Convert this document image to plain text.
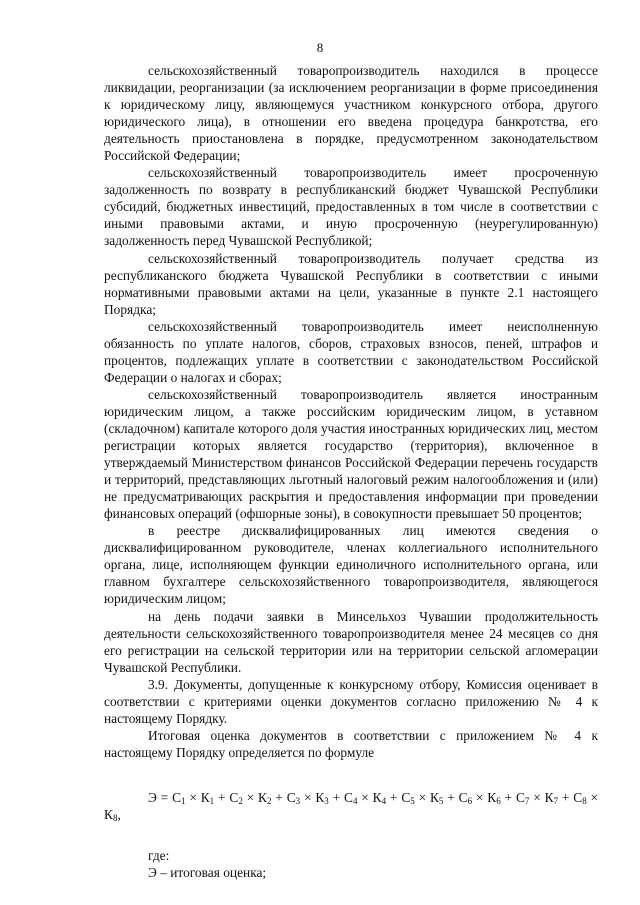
8

сельскохозяйственный товаропроизводитель находился в процессе ликвидации, реорганизации (за исключением реорганизации в форме присоединения к юридическому лицу, являющемуся участником конкурсного отбора, другого юридического лица), в отношении его введена процедура банкротства, его деятельность приостановлена в порядке, предусмотренном законодательством Российской Федерации;

сельскохозяйственный товаропроизводитель имеет просроченную задолженность по возврату в республиканский бюджет Чувашской Республики субсидий, бюджетных инвестиций, предоставленных в том числе в соответствии с иными правовыми актами, и иную просроченную (неурегулированную) задолженность перед Чувашской Республикой;

сельскохозяйственный товаропроизводитель получает средства из республиканского бюджета Чувашской Республики в соответствии с иными нормативными правовыми актами на цели, указанные в пункте 2.1 настоящего Порядка;

сельскохозяйственный товаропроизводитель имеет неисполненную обязанность по уплате налогов, сборов, страховых взносов, пеней, штрафов и процентов, подлежащих уплате в соответствии с законодательством Российской Федерации о налогах и сборах;

сельскохозяйственный товаропроизводитель является иностранным юридическим лицом, а также российским юридическим лицом, в уставном (складочном) капитале которого доля участия иностранных юридических лиц, местом регистрации которых является государство (территория), включенное в утверждаемый Министерством финансов Российской Федерации перечень государств и территорий, представляющих льготный налоговый режим налогообложения и (или) не предусматривающих раскрытия и предоставления информации при проведении финансовых операций (офшорные зоны), в совокупности превышает 50 процентов;

в реестре дисквалифицированных лиц имеются сведения о дисквалифицированном руководителе, членах коллегиального исполнительного органа, лице, исполняющем функции единоличного исполнительного органа, или главном бухгалтере сельскохозяйственного товаропроизводителя, являющегося юридическим лицом;

на день подачи заявки в Минсельхоз Чувашии продолжительность деятельности сельскохозяйственного товаропроизводителя менее 24 месяцев со дня его регистрации на сельской территории или на территории сельской агломерации Чувашской Республики.

3.9. Документы, допущенные к конкурсному отбору, Комиссия оценивает в соответствии с критериями оценки документов согласно приложению № 4 к настоящему Порядку.

Итоговая оценка документов в соответствии с приложением № 4 к настоящему Порядку определяется по формуле

$Э = С_1 \times К_1 + С_2 \times К_2 + С_3 \times К_3 + С_4 \times К_4 + С_5 \times К_5 + С_6 \times К_6 + С_7 \times К_7 + С_8 \times К_8$,

где:

Э – итоговая оценка;
